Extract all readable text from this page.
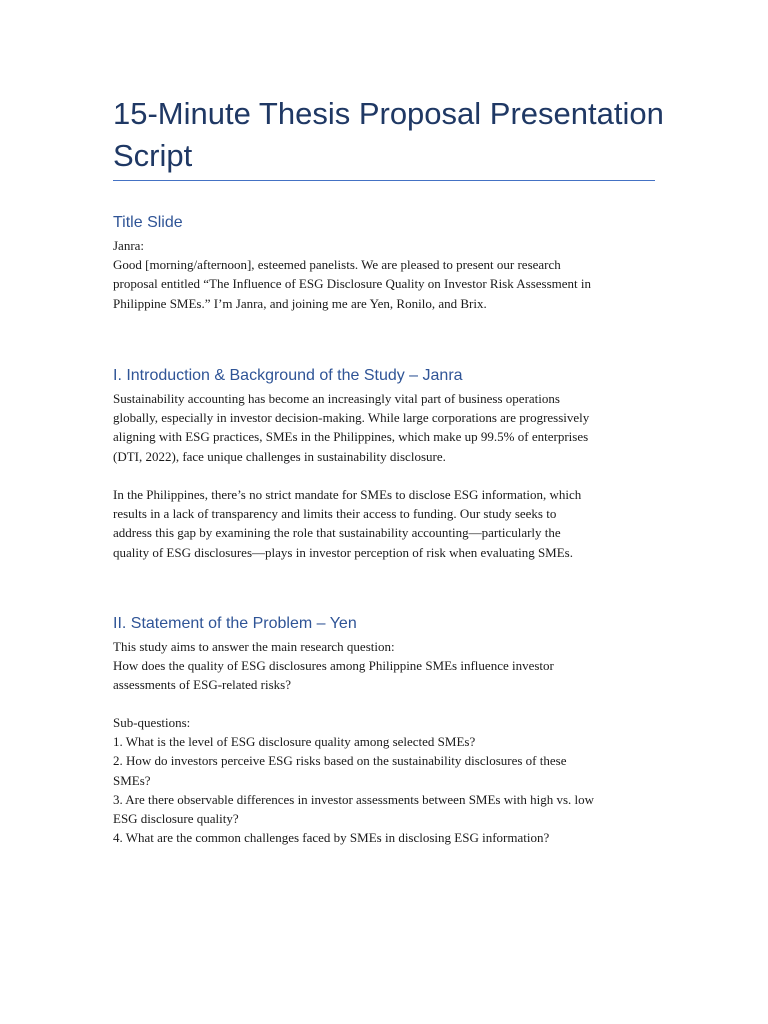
15-Minute Thesis Proposal Presentation Script
Title Slide

Janra:

Good [morning/afternoon], esteemed panelists. We are pleased to present our research

proposal entitled “The Influence of ESG Disclosure Quality on Investor Risk Assessment in

Philippine SMEs.” I’m Janra, and joining me are Yen, Ronilo, and Brix.

I. Introduction & Background of the Study – Janra

Sustainability accounting has become an increasingly vital part of business operations

globally, especially in investor decision-making. While large corporations are progressively

aligning with ESG practices, SMEs in the Philippines, which make up 99.5% of enterprises

(DTI, 2022), face unique challenges in sustainability disclosure.

In the Philippines, there’s no strict mandate for SMEs to disclose ESG information, which

results in a lack of transparency and limits their access to funding. Our study seeks to

address this gap by examining the role that sustainability accounting—particularly the

quality of ESG disclosures—plays in investor perception of risk when evaluating SMEs.

II. Statement of the Problem – Yen

This study aims to answer the main research question:

How does the quality of ESG disclosures among Philippine SMEs influence investor

assessments of ESG-related risks?

Sub-questions:

1. What is the level of ESG disclosure quality among selected SMEs?

2. How do investors perceive ESG risks based on the sustainability disclosures of these

SMEs?

3. Are there observable differences in investor assessments between SMEs with high vs. low

ESG disclosure quality?

4. What are the common challenges faced by SMEs in disclosing ESG information?
